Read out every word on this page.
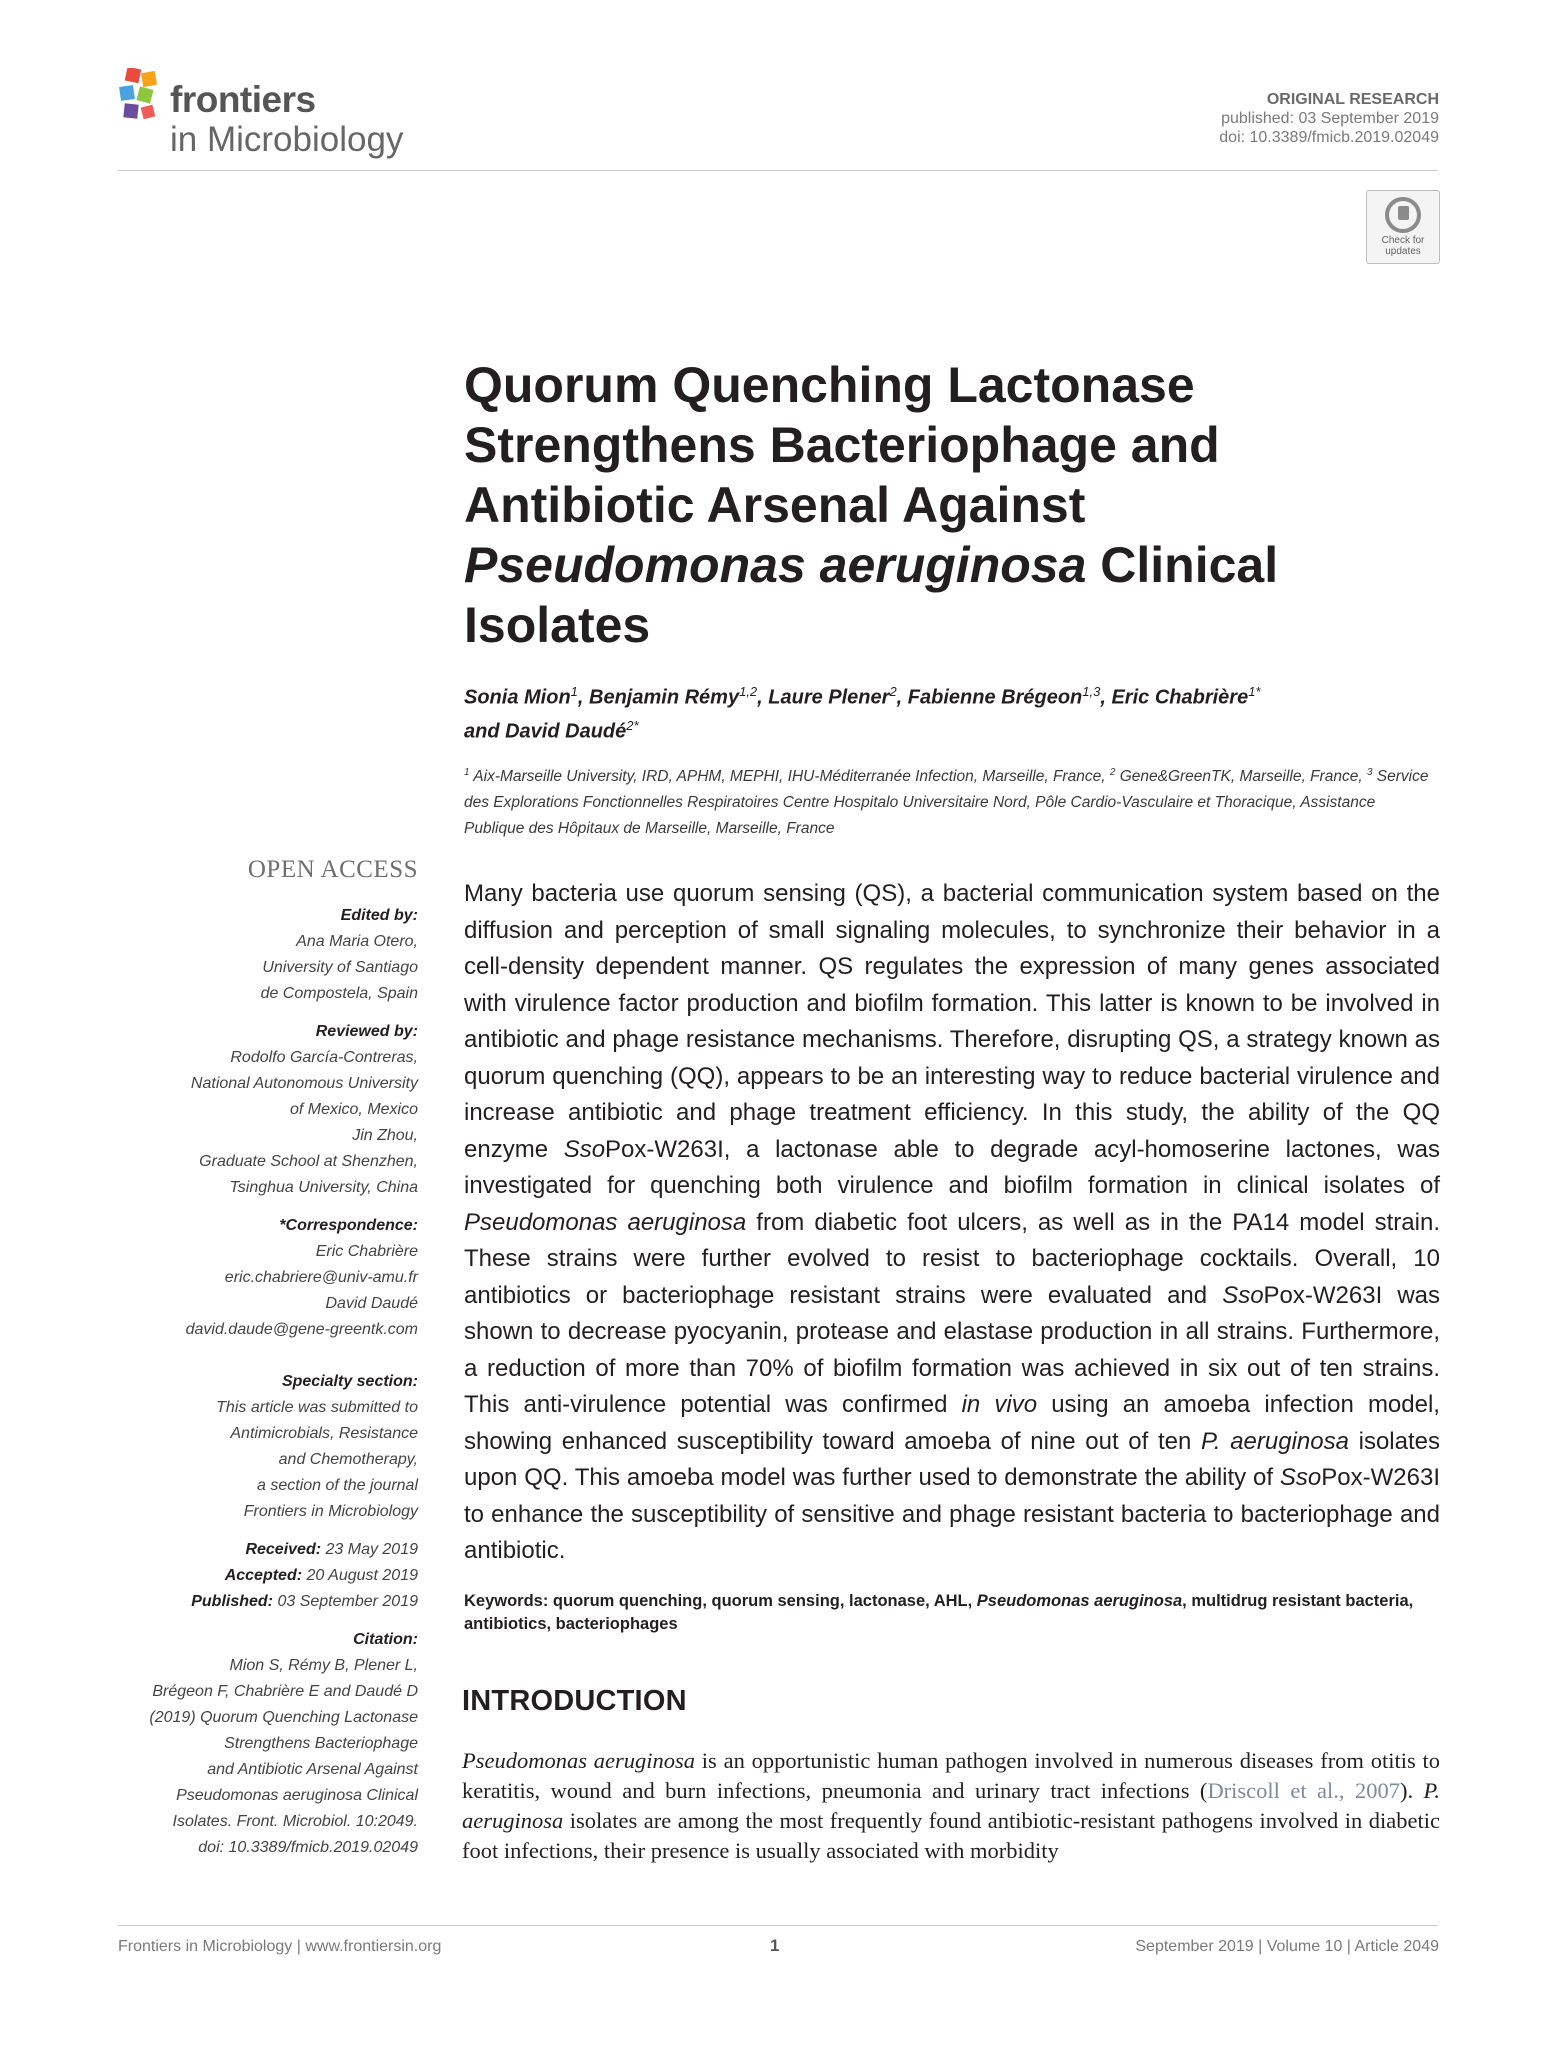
frontiers
in Microbiology
ORIGINAL RESEARCH
published: 03 September 2019
doi: 10.3389/fmicb.2019.02049
Check for
updates
Quorum Quenching Lactonase
Strengthens Bacteriophage and
Antibiotic Arsenal Against
Pseudomonas aeruginosa Clinical
Isolates
Sonia Mion$^1$, Benjamin Rémy$^{1,2}$, Laure Plener$^2$, Fabienne Brégeon$^{1,3}$, Eric Chabrière$^{1*}$
and David Daudé$^{2*}$
$^1$ Aix-Marseille University, IRD, APHM, MEPHI, IHU-Méditerranée Infection, Marseille, France, $^2$ Gene&GreenTK, Marseille, France, $^3$ Service des Explorations Fonctionnelles Respiratoires Centre Hospitalo Universitaire Nord, Pôle Cardio-Vasculaire et Thoracique, Assistance Publique des Hôpitaux de Marseille, Marseille, France
OPEN ACCESS
Edited by:
Ana Maria Otero,
University of Santiago
de Compostela, Spain
Reviewed by:
Rodolfo García-Contreras,
National Autonomous University
of Mexico, Mexico
Jin Zhou,
Graduate School at Shenzhen,
Tsinghua University, China
*Correspondence:
Eric Chabrière
eric.chabriere@univ-amu.fr
David Daudé
david.daude@gene-greentk.com
Specialty section:
This article was submitted to
Antimicrobials, Resistance
and Chemotherapy,
a section of the journal
Frontiers in Microbiology
Received: 23 May 2019
Accepted: 20 August 2019
Published: 03 September 2019
Citation:
Mion S, Rémy B, Plener L,
Brégeon F, Chabrière E and Daudé D
(2019) Quorum Quenching Lactonase
Strengthens Bacteriophage
and Antibiotic Arsenal Against
Pseudomonas aeruginosa Clinical
Isolates. Front. Microbiol. 10:2049.
doi: 10.3389/fmicb.2019.02049
Many bacteria use quorum sensing (QS), a bacterial communication system based on the diffusion and perception of small signaling molecules, to synchronize their behavior in a cell-density dependent manner. QS regulates the expression of many genes associated with virulence factor production and biofilm formation. This latter is known to be involved in antibiotic and phage resistance mechanisms. Therefore, disrupting QS, a strategy known as quorum quenching (QQ), appears to be an interesting way to reduce bacterial virulence and increase antibiotic and phage treatment efficiency. In this study, the ability of the QQ enzyme SsoPox-W263I, a lactonase able to degrade acyl-homoserine lactones, was investigated for quenching both virulence and biofilm formation in clinical isolates of Pseudomonas aeruginosa from diabetic foot ulcers, as well as in the PA14 model strain. These strains were further evolved to resist to bacteriophage cocktails. Overall, 10 antibiotics or bacteriophage resistant strains were evaluated and SsoPox-W263I was shown to decrease pyocyanin, protease and elastase production in all strains. Furthermore, a reduction of more than 70% of biofilm formation was achieved in six out of ten strains. This anti-virulence potential was confirmed in vivo using an amoeba infection model, showing enhanced susceptibility toward amoeba of nine out of ten P. aeruginosa isolates upon QQ. This amoeba model was further used to demonstrate the ability of SsoPox-W263I to enhance the susceptibility of sensitive and phage resistant bacteria to bacteriophage and antibiotic.
Keywords: quorum quenching, quorum sensing, lactonase, AHL, Pseudomonas aeruginosa, multidrug resistant bacteria, antibiotics, bacteriophages
INTRODUCTION
Pseudomonas aeruginosa is an opportunistic human pathogen involved in numerous diseases from otitis to keratitis, wound and burn infections, pneumonia and urinary tract infections (Driscoll et al., 2007). P. aeruginosa isolates are among the most frequently found antibiotic-resistant pathogens involved in diabetic foot infections, their presence is usually associated with morbidity
Frontiers in Microbiology | www.frontiersin.org	1	September 2019 | Volume 10 | Article 2049
